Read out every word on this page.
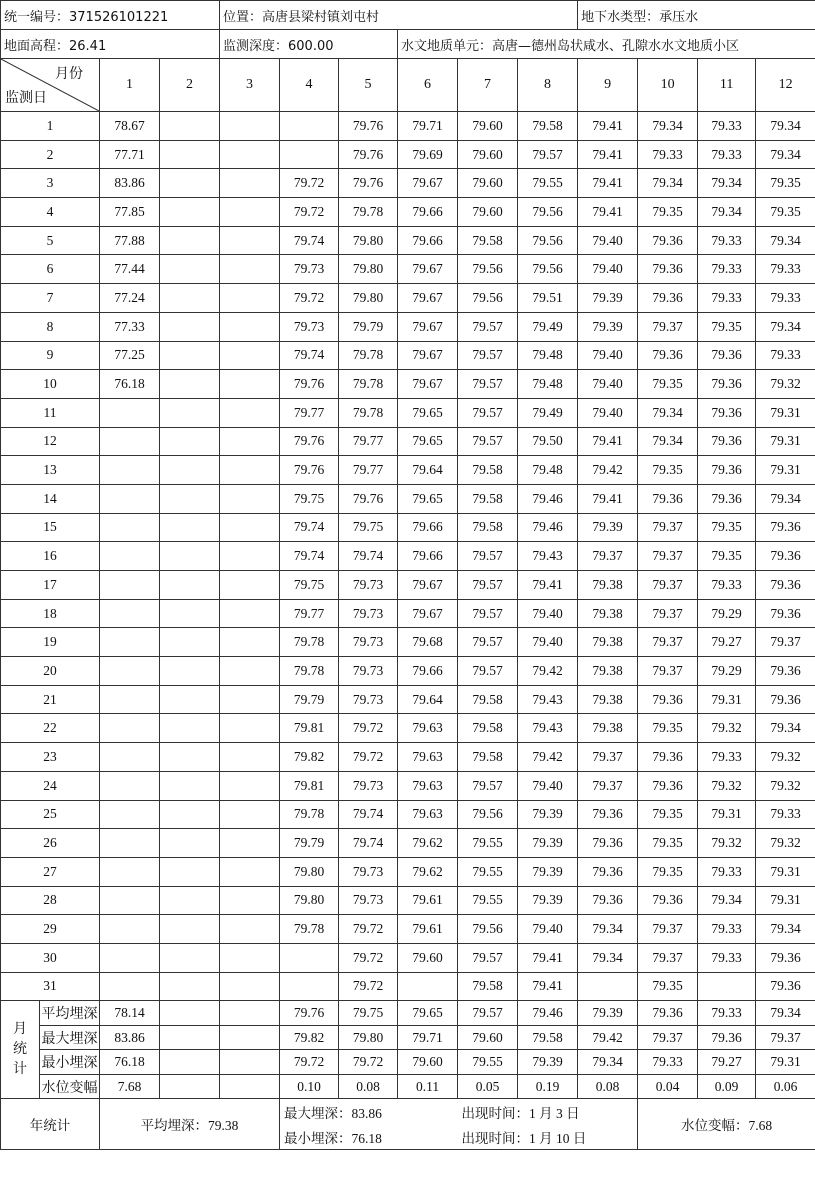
统一编号：371526101221				位置：高唐县梁村镇刘屯村						地下水类型：承压水			
地面高程：26.41				监测深度：600.00			水文地质单元：高唐—德州岛状咸水、孔隙水水文地质小区						

月份
监测日		1	2	3	4	5	6	7	8	9	10	11	12
1		78.67				79.76	79.71	79.60	79.58	79.41	79.34	79.33	79.34
2		77.71				79.76	79.69	79.60	79.57	79.41	79.33	79.33	79.34
3		83.86			79.72	79.76	79.67	79.60	79.55	79.41	79.34	79.34	79.35
4		77.85			79.72	79.78	79.66	79.60	79.56	79.41	79.35	79.34	79.35
5		77.88			79.74	79.80	79.66	79.58	79.56	79.40	79.36	79.33	79.34
6		77.44			79.73	79.80	79.67	79.56	79.56	79.40	79.36	79.33	79.33
7		77.24			79.72	79.80	79.67	79.56	79.51	79.39	79.36	79.33	79.33
8		77.33			79.73	79.79	79.67	79.57	79.49	79.39	79.37	79.35	79.34
9		77.25			79.74	79.78	79.67	79.57	79.48	79.40	79.36	79.36	79.33
10		76.18			79.76	79.78	79.67	79.57	79.48	79.40	79.35	79.36	79.32
11					79.77	79.78	79.65	79.57	79.49	79.40	79.34	79.36	79.31
12					79.76	79.77	79.65	79.57	79.50	79.41	79.34	79.36	79.31
13					79.76	79.77	79.64	79.58	79.48	79.42	79.35	79.36	79.31
14					79.75	79.76	79.65	79.58	79.46	79.41	79.36	79.36	79.34
15					79.74	79.75	79.66	79.58	79.46	79.39	79.37	79.35	79.36
16					79.74	79.74	79.66	79.57	79.43	79.37	79.37	79.35	79.36
17					79.75	79.73	79.67	79.57	79.41	79.38	79.37	79.33	79.36
18					79.77	79.73	79.67	79.57	79.40	79.38	79.37	79.29	79.36
19					79.78	79.73	79.68	79.57	79.40	79.38	79.37	79.27	79.37
20					79.78	79.73	79.66	79.57	79.42	79.38	79.37	79.29	79.36
21					79.79	79.73	79.64	79.58	79.43	79.38	79.36	79.31	79.36
22					79.81	79.72	79.63	79.58	79.43	79.38	79.35	79.32	79.34
23					79.82	79.72	79.63	79.58	79.42	79.37	79.36	79.33	79.32
24					79.81	79.73	79.63	79.57	79.40	79.37	79.36	79.32	79.32
25					79.78	79.74	79.63	79.56	79.39	79.36	79.35	79.31	79.33
26					79.79	79.74	79.62	79.55	79.39	79.36	79.35	79.32	79.32
27					79.80	79.73	79.62	79.55	79.39	79.36	79.35	79.33	79.31
28					79.80	79.73	79.61	79.55	79.39	79.36	79.36	79.34	79.31
29					79.78	79.72	79.61	79.56	79.40	79.34	79.37	79.33	79.34
30						79.72	79.60	79.57	79.41	79.34	79.37	79.33	79.36
31						79.72		79.58	79.41		79.35		79.36

月
统
计	平均埋深	78.14			79.76	79.75	79.65	79.57	79.46	79.39	79.36	79.33	79.34
	最大埋深	83.86			79.82	79.80	79.71	79.60	79.58	79.42	79.37	79.36	79.37
	最小埋深	76.18			79.72	79.72	79.60	79.55	79.39	79.34	79.33	79.27	79.31
	水位变幅	7.68			0.10	0.08	0.11	0.05	0.19	0.08	0.04	0.09	0.06
年统计		平均埋深：79.38			最大埋深：83.86			出现时间：1 月 3 日			水位变幅：7.68		
					最小埋深：76.18			出现时间：1 月 10 日					
